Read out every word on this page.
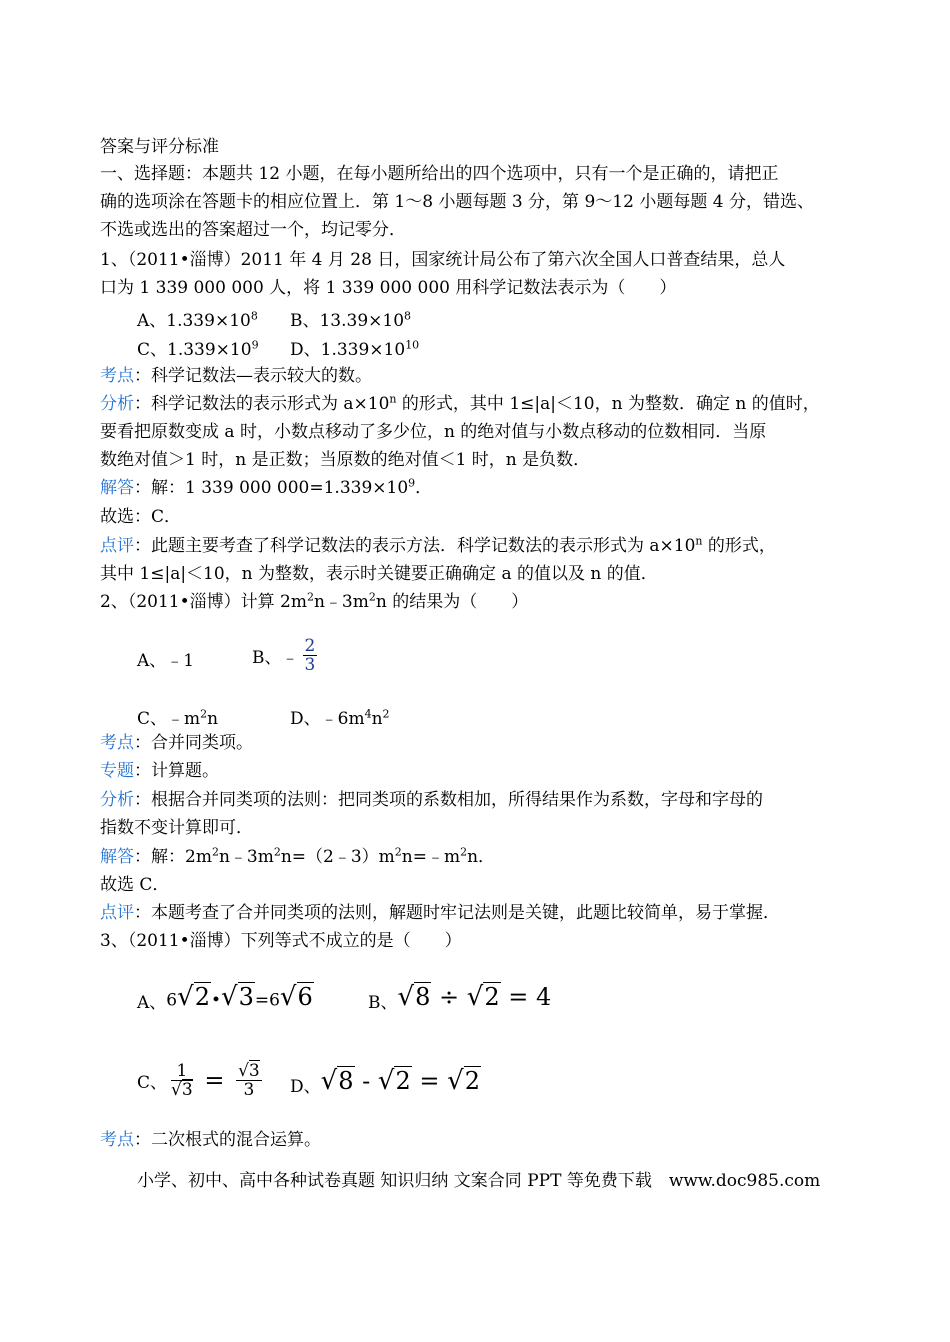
答案与评分标准
一、选择题：本题共 12 小题，在每小题所给出的四个选项中，只有一个是正确的，请把正
确的选项涂在答题卡的相应位置上．第 1～8 小题每题 3 分，第 9～12 小题每题 4 分，错选、
不选或选出的答案超过一个，均记零分．
1、（2011•淄博）2011 年 4 月 28 日，国家统计局公布了第六次全国人口普查结果，总人
口为 1 339 000 000 人，将 1 339 000 000 用科学记数法表示为（　　）
A、$1.339\times 10^8$ B、$13.39\times 10^8$
C、$1.339\times 10^9$ D、$1.339\times 10^{10}$
考点：科学记数法—表示较大的数。
分析：科学记数法的表示形式为 $a\times 10^n$ 的形式，其中 1≤|a|＜10，n 为整数．确定 n 的值时，
要看把原数变成 a 时，小数点移动了多少位，n 的绝对值与小数点移动的位数相同．当原
数绝对值＞1 时，n 是正数；当原数的绝对值＜1 时，n 是负数．
解答：解：1 339 000 $000=1.339\times 10^9$．
故选：C．
点评：此题主要考查了科学记数法的表示方法．科学记数法的表示形式为 $a\times 10^n$ 的形式，
其中 1≤|a|＜10，n 为整数，表示时关键要正确确定 a 的值以及 n 的值．
2、（2011•淄博）计算 $2m^2n﹣3m^2n$ 的结果为（　　）
A、﹣1	B、﹣ $\frac{2}{3}$
C、$﹣m^2n$	D、$﹣6m^4n^2$
考点：合并同类项。
专题：计算题。
分析：根据合并同类项的法则：把同类项的系数相加，所得结果作为系数，字母和字母的
指数不变计算即可．
解答：解：$2m^2n﹣3m^2n=(2﹣3)m^2n=﹣m^2n$．
故选 C．
点评：本题考查了合并同类项的法则，解题时牢记法则是关键，此题比较简单，易于掌握．
3、（2011•淄博）下列等式不成立的是（　　）
A、6√2•√3=6√6	B、√8 ÷ √2 = 4
C、 $\frac{1}{√3} = \frac{√3}{3}$ D、√8 - √2 = √2
考点：二次根式的混合运算。
小学、初中、高中各种试卷真题 知识归纳 文案合同 PPT 等免费下载　www.doc985.com
